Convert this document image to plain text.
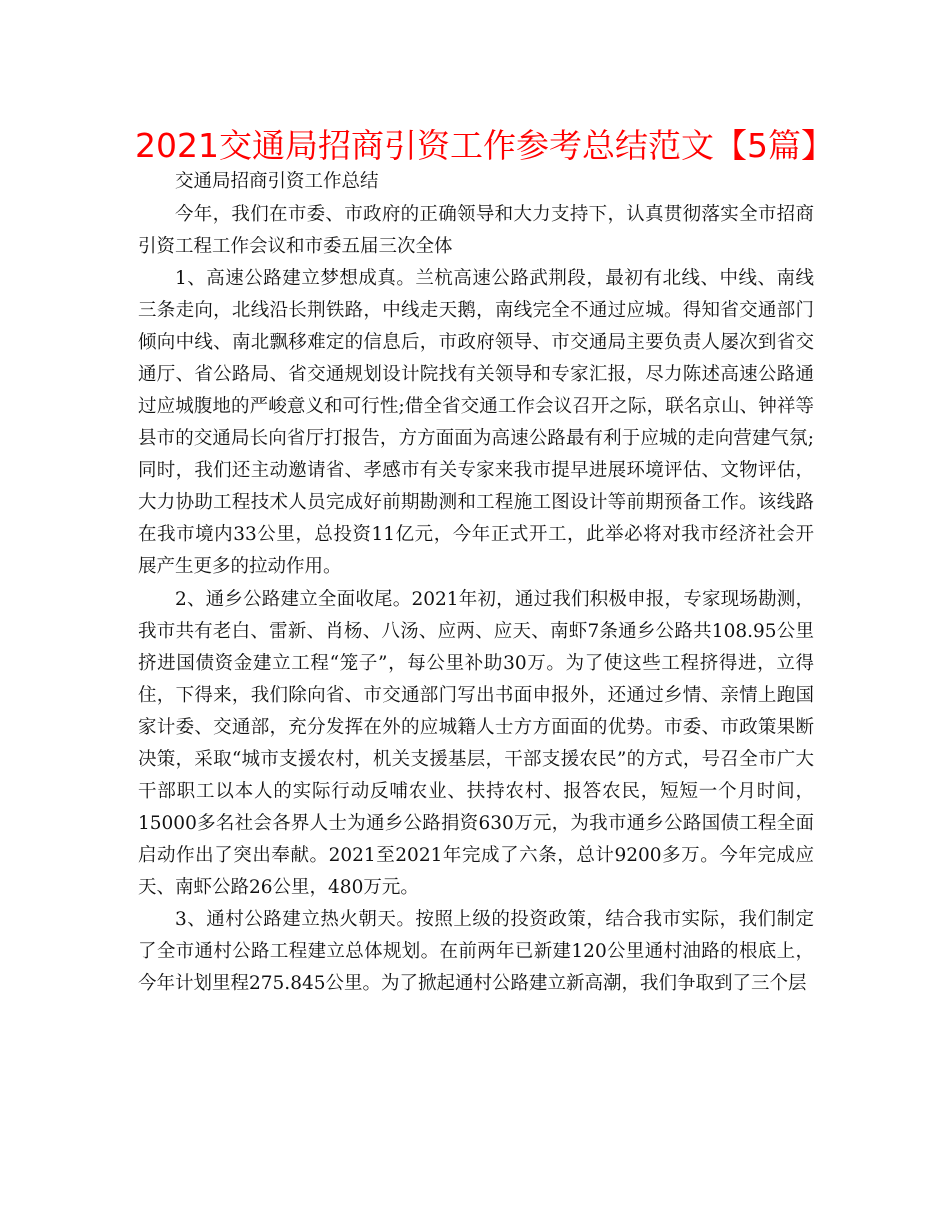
2021交通局招商引资工作参考总结范文【5篇】

交通局招商引资工作总结

今年，我们在市委、市政府的正确领导和大力支持下，认真贯彻落实全市招商引资工程工作会议和市委五届三次全体

1、高速公路建立梦想成真。兰杭高速公路武荆段，最初有北线、中线、南线三条走向，北线沿长荆铁路，中线走天鹅，南线完全不通过应城。得知省交通部门倾向中线、南北飘移难定的信息后，市政府领导、市交通局主要负责人屡次到省交通厅、省公路局、省交通规划设计院找有关领导和专家汇报，尽力陈述高速公路通过应城腹地的严峻意义和可行性;借全省交通工作会议召开之际，联名京山、钟祥等县市的交通局长向省厅打报告，方方面面为高速公路最有利于应城的走向营建气氛;同时，我们还主动邀请省、孝感市有关专家来我市提早进展环境评估、文物评估，大力协助工程技术人员完成好前期勘测和工程施工图设计等前期预备工作。该线路在我市境内33公里，总投资11亿元，今年正式开工，此举必将对我市经济社会开展产生更多的拉动作用。

2、通乡公路建立全面收尾。2021年初，通过我们积极申报，专家现场勘测，我市共有老白、雷新、肖杨、八汤、应两、应天、南虾7条通乡公路共108.95公里挤进国债资金建立工程“笼子”，每公里补助30万。为了使这些工程挤得进，立得住，下得来，我们除向省、市交通部门写出书面申报外，还通过乡情、亲情上跑国家计委、交通部，充分发挥在外的应城籍人士方方面面的优势。市委、市政策果断决策，采取“城市支援农村，机关支援基层，干部支援农民”的方式，号召全市广大干部职工以本人的实际行动反哺农业、扶持农村、报答农民，短短一个月时间，15000多名社会各界人士为通乡公路捐资630万元，为我市通乡公路国债工程全面启动作出了突出奉献。2021至2021年完成了六条，总计9200多万。今年完成应天、南虾公路26公里，480万元。

3、通村公路建立热火朝天。按照上级的投资政策，结合我市实际，我们制定了全市通村公路工程建立总体规划。在前两年已新建120公里通村油路的根底上，今年计划里程275.845公里。为了掀起通村公路建立新高潮，我们争取到了三个层
